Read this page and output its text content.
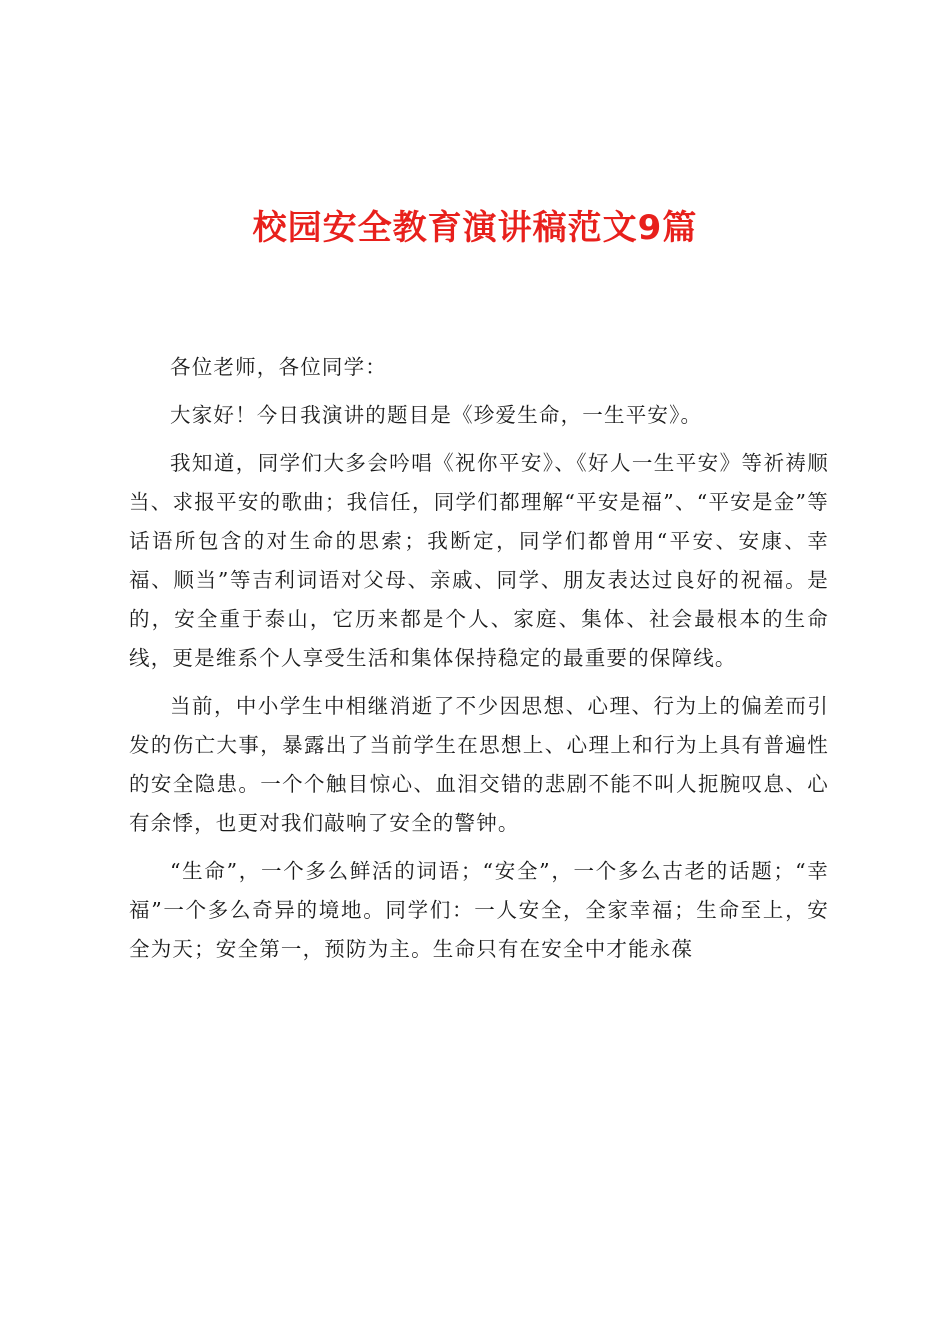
校园安全教育演讲稿范文9篇

各位老师，各位同学：

大家好！今日我演讲的题目是《珍爱生命，一生平安》。

我知道，同学们大多会吟唱《祝你平安》、《好人一生平安》等祈祷顺当、求报平安的歌曲；我信任，同学们都理解“平安是福”、“平安是金”等话语所包含的对生命的思索；我断定，同学们都曾用“平安、安康、幸福、顺当”等吉利词语对父母、亲戚、同学、朋友表达过良好的祝福。是的，安全重于泰山，它历来都是个人、家庭、集体、社会最根本的生命线，更是维系个人享受生活和集体保持稳定的最重要的保障线。

当前，中小学生中相继消逝了不少因思想、心理、行为上的偏差而引发的伤亡大事，暴露出了当前学生在思想上、心理上和行为上具有普遍性的安全隐患。一个个触目惊心、血泪交错的悲剧不能不叫人扼腕叹息、心有余悸，也更对我们敲响了安全的警钟。

“生命”，一个多么鲜活的词语；“安全”，一个多么古老的话题；“幸福”一个多么奇异的境地。同学们：一人安全，全家幸福；生命至上，安全为天；安全第一，预防为主。生命只有在安全中才能永葆
